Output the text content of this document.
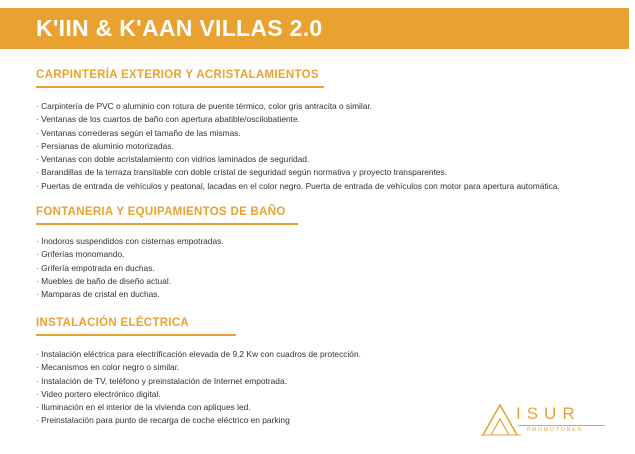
K'IIN & K'AAN VILLAS 2.0
CARPINTERÍA EXTERIOR Y ACRISTALAMIENTOS
· Carpintería de PVC o aluminio con rotura de puente térmico, color gris antracita o similar.
· Ventanas de los cuartos de baño con apertura abatible/oscilobatiente.
· Ventanas correderas según el tamaño de las mismas.
· Persianas de aluminio motorizadas.
· Ventanas con doble acristalamiento con vidrios laminados de seguridad.
· Barandillas de la terraza transitable con doble cristal de seguridad según normativa y proyecto transparentes.
· Puertas de entrada de vehículos y peatonal, lacadas en el color negro. Puerta de entrada de vehículos con motor para apertura automática.
FONTANERIA Y EQUIPAMIENTOS DE BAÑO
· Inodoros suspendidos con cisternas empotradas.
· Griferías monomando.
· Grifería empotrada en duchas.
· Muebles de baño de diseño actual.
· Mamparas de cristal en duchas.
INSTALACIÓN ELÉCTRICA
· Instalación eléctrica para electrificación elevada de 9.2 Kw con cuadros de protección.
· Mecanismos en color negro o similar.
· Instalación de TV, teléfono y preinstalación de Internet empotrada.
· Video portero electrónico digital.
· Iluminación en el interior de la vivienda con apliques led.
· Preinstalación para punto de recarga de coche eléctrico en parking	ISUR

PROMOTORES
